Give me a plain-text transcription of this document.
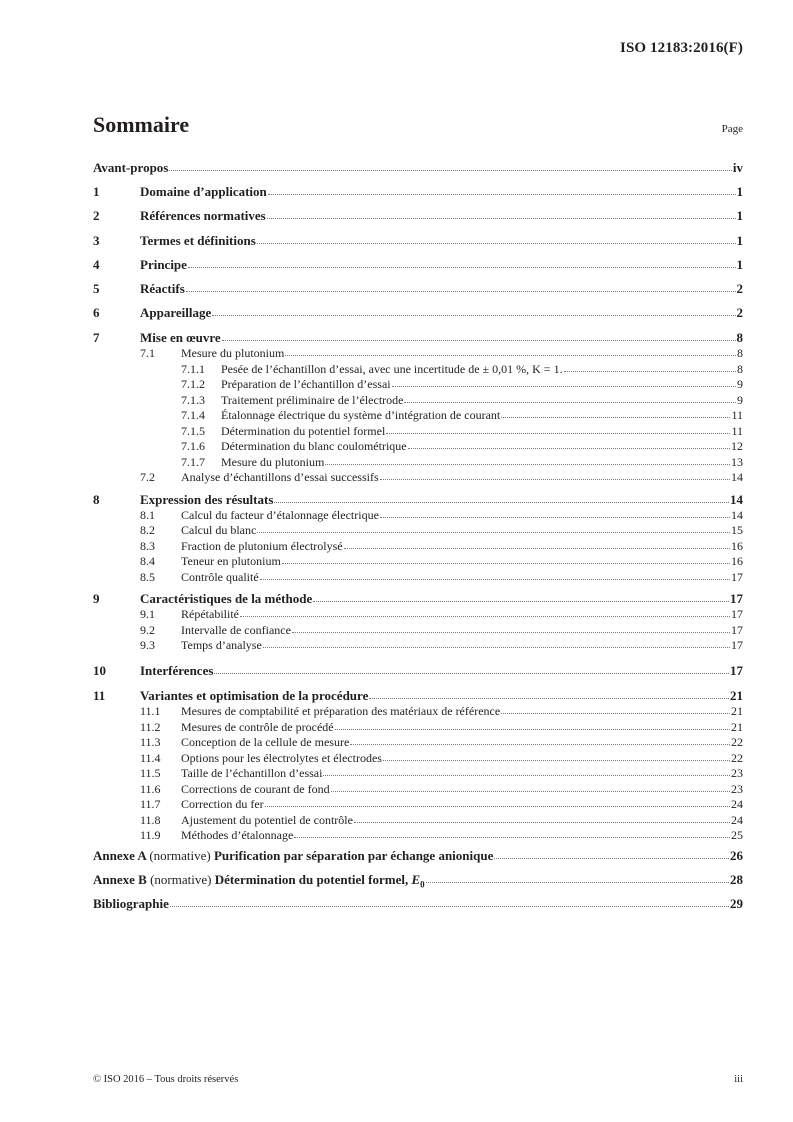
ISO 12183:2016(F)
Sommaire	Page
Avant-propos	iv
1	Domaine d’application	1
2	Références normatives	1
3	Termes et définitions	1
4	Principe	1
5	Réactifs	2
6	Appareillage	2
7	Mise en œuvre	8
7.1	Mesure du plutonium	8
7.1.1	Pesée de l’échantillon d’essai, avec une incertitude de ± 0,01 %, K = 1.	8
7.1.2	Préparation de l’échantillon d’essai	9
7.1.3	Traitement préliminaire de l’électrode	9
7.1.4	Étalonnage électrique du système d’intégration de courant	11
7.1.5	Détermination du potentiel formel	11
7.1.6	Détermination du blanc coulométrique	12
7.1.7	Mesure du plutonium	13
7.2	Analyse d’échantillons d’essai successifs	14
8	Expression des résultats	14
8.1	Calcul du facteur d’étalonnage électrique	14
8.2	Calcul du blanc	15
8.3	Fraction de plutonium électrolysé	16
8.4	Teneur en plutonium	16
8.5	Contrôle qualité	17
9	Caractéristiques de la méthode	17
9.1	Répétabilité	17
9.2	Intervalle de confiance	17
9.3	Temps d’analyse	17
10	Interférences	17
11	Variantes et optimisation de la procédure	21
11.1	Mesures de comptabilité et préparation des matériaux de référence	21
11.2	Mesures de contrôle de procédé	21
11.3	Conception de la cellule de mesure	22
11.4	Options pour les électrolytes et électrodes	22
11.5	Taille de l’échantillon d’essai	23
11.6	Corrections de courant de fond	23
11.7	Correction du fer	24
11.8	Ajustement du potentiel de contrôle	24
11.9	Méthodes d’étalonnage	25
Annexe A (normative) Purification par séparation par échange anionique	26
Annexe B (normative) Détermination du potentiel formel, $E_0$	28
Bibliographie	29
© ISO 2016 – Tous droits réservés	iii
